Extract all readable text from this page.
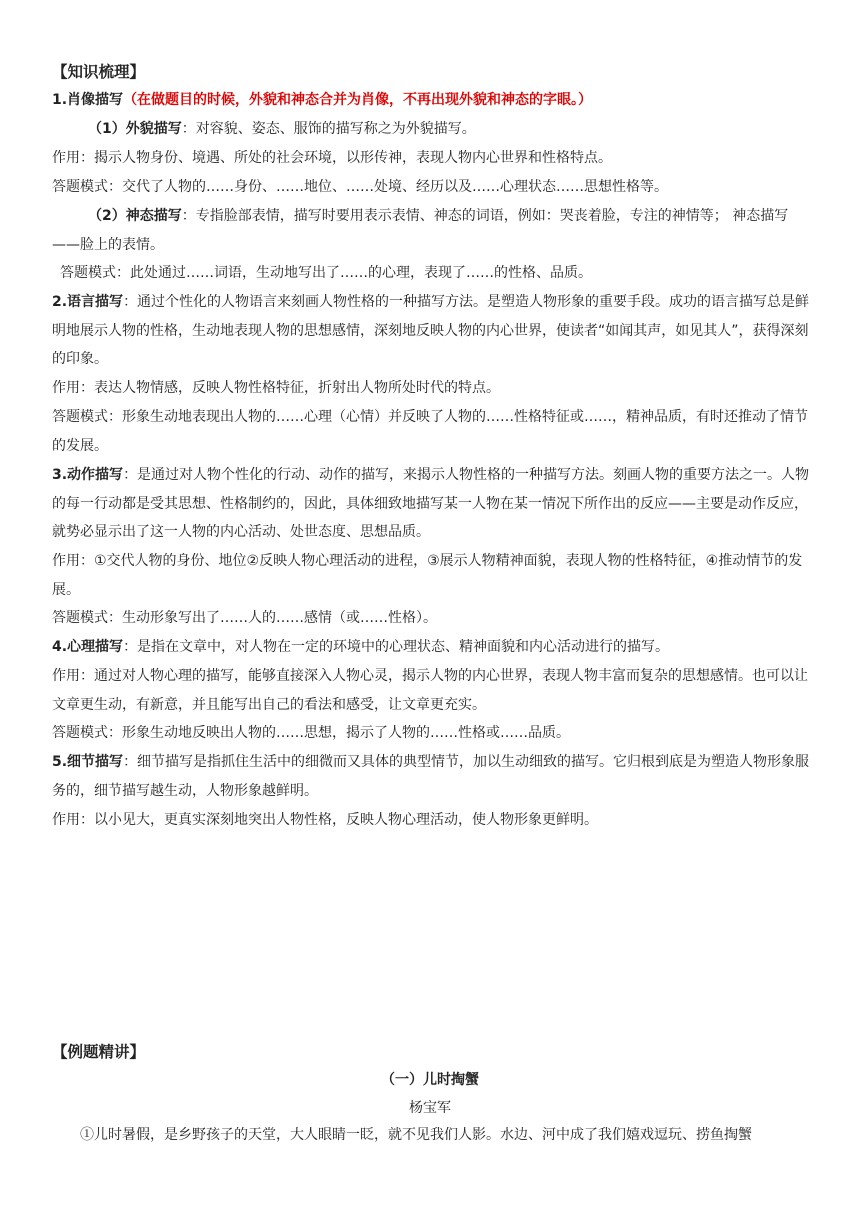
【知识梳理】
1.肖像描写（在做题目的时候，外貌和神态合并为肖像，不再出现外貌和神态的字眼。）
（1）外貌描写：对容貌、姿态、服饰的描写称之为外貌描写。
作用：揭示人物身份、境遇、所处的社会环境，以形传神，表现人物内心世界和性格特点。
答题模式：交代了人物的……身份、……地位、……处境、经历以及……心理状态……思想性格等。
（2）神态描写：专指脸部表情，描写时要用表示表情、神态的词语，例如：哭丧着脸，专注的神情等； 神态描写——脸上的表情。
答题模式：此处通过……词语，生动地写出了……的心理，表现了……的性格、品质。
2.语言描写：通过个性化的人物语言来刻画人物性格的一种描写方法。是塑造人物形象的重要手段。成功的语言描写总是鲜明地展示人物的性格，生动地表现人物的思想感情，深刻地反映人物的内心世界，使读者“如闻其声，如见其人”，获得深刻的印象。
作用：表达人物情感，反映人物性格特征，折射出人物所处时代的特点。
答题模式：形象生动地表现出人物的……心理（心情）并反映了人物的……性格特征或……，精神品质，有时还推动了情节的发展。
3.动作描写：是通过对人物个性化的行动、动作的描写，来揭示人物性格的一种描写方法。刻画人物的重要方法之一。人物的每一行动都是受其思想、性格制约的，因此，具体细致地描写某一人物在某一情况下所作出的反应——主要是动作反应，就势必显示出了这一人物的内心活动、处世态度、思想品质。
作用：①交代人物的身份、地位②反映人物心理活动的进程，③展示人物精神面貌，表现人物的性格特征，④推动情节的发展。
答题模式：生动形象写出了……人的……感情（或……性格）。
4.心理描写：是指在文章中，对人物在一定的环境中的心理状态、精神面貌和内心活动进行的描写。
作用：通过对人物心理的描写，能够直接深入人物心灵，揭示人物的内心世界，表现人物丰富而复杂的思想感情。也可以让文章更生动，有新意，并且能写出自己的看法和感受，让文章更充实。
答题模式：形象生动地反映出人物的……思想，揭示了人物的……性格或……品质。
5.细节描写：细节描写是指抓住生活中的细微而又具体的典型情节，加以生动细致的描写。它归根到底是为塑造人物形象服务的，细节描写越生动，人物形象越鲜明。
作用：以小见大，更真实深刻地突出人物性格，反映人物心理活动，使人物形象更鲜明。
【例题精讲】
（一）儿时掏蟹
杨宝军
①儿时暑假，是乡野孩子的天堂，大人眼睛一眨，就不见我们人影。水边、河中成了我们嬉戏逗玩、捞鱼掏蟹
